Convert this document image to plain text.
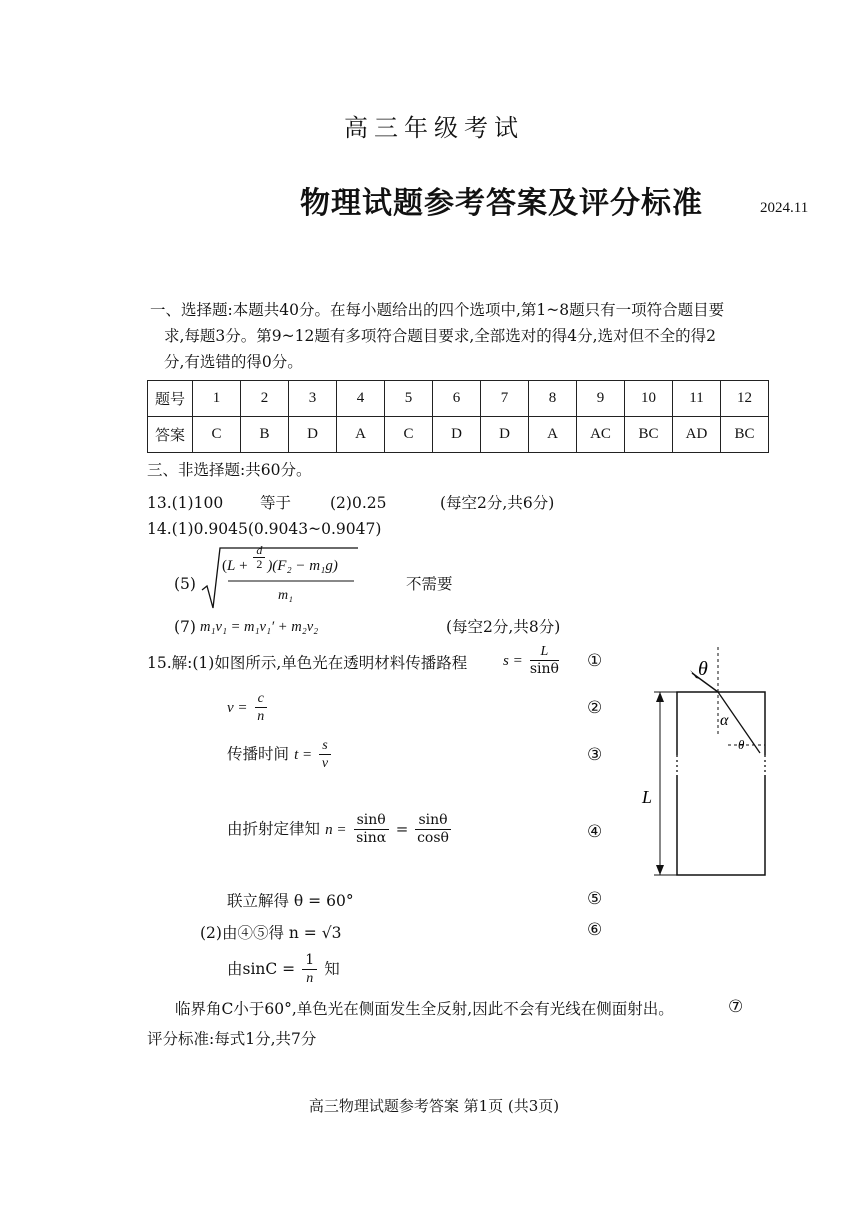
高三年级考试
物理试题参考答案及评分标准	2024.11
一、选择题:本题共40分。在每小题给出的四个选项中,第1~8题只有一项符合题目要
求,每题3分。第9~12题有多项符合题目要求,全部选对的得4分,选对但不全的得2
分,有选错的得0分。
题号	1	2	3	4	5	6	7	8	9	10	11	12
答案	C	B	D	A	C	D	D	A	AC	BC	AD	BC
三、非选择题:共60分。
13.(1)100 等于	(2)0.25	(每空2分,共6分)
14.(1)0.9045(0.9043~0.9047)
(5)
$(L + \frac{d}{2} )(F_2 - m_1g)$
m₁
不需要
(7) m₁v₁ = m₁v₁′ + m₂v₂	(每空2分,共8分)
15.解:(1)如图所示,单色光在透明材料传播路程 $s = \frac{L}{\sin\theta}$ ①
$v = \frac{c}{n}$	②
传播时间 $t = \frac{s}{v}$	③
由折射定律知 $n = \frac{\sin\theta}{\sin\alpha} = \frac{\sin\theta}{\cos\theta}$	④
联立解得 θ = 60°	⑤
(2)由④⑤得 n = √3	⑥
由$\sin C = \frac{1}{n}$ 知
临界角C小于60°,单色光在侧面发生全反射,因此不会有光线在侧面射出。	⑦
评分标准:每式1分,共7分
θ
α
θ
L
高三物理试题参考答案 第1页 (共3页)
